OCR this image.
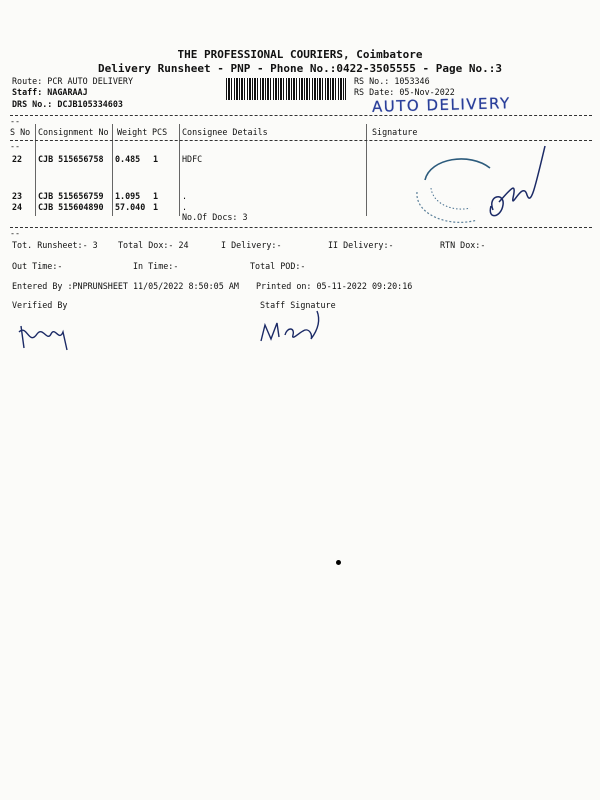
THE PROFESSIONAL COURIERS, Coimbatore
Delivery Runsheet - PNP - Phone No.:0422-3505555 - Page No.:3
Route: PCR AUTO DELIVERY
Staff: NAGARAAJ
DRS No.: DCJB105334603
RS No.: 1053346
RS Date: 05-Nov-2022
AUTO DELIVERY
--
S No Consignment No Weight PCS Consignee Details	Signature
--
22 CJB 515656758 0.485 1	HDFC
23 CJB 515656759 1.095 1	.
24 CJB 515604890 57.040 1	.
No.Of Docs: 3
--
Tot. Runsheet:- 3 Total Dox:- 24	I Delivery:-	II Delivery:-	RTN Dox:-
Out Time:-	In Time:-	Total POD:-
Entered By :PNPRUNSHEET 11/05/2022 8:50:05 AM Printed on: 05-11-2022 09:20:16
Verified By	Staff Signature
